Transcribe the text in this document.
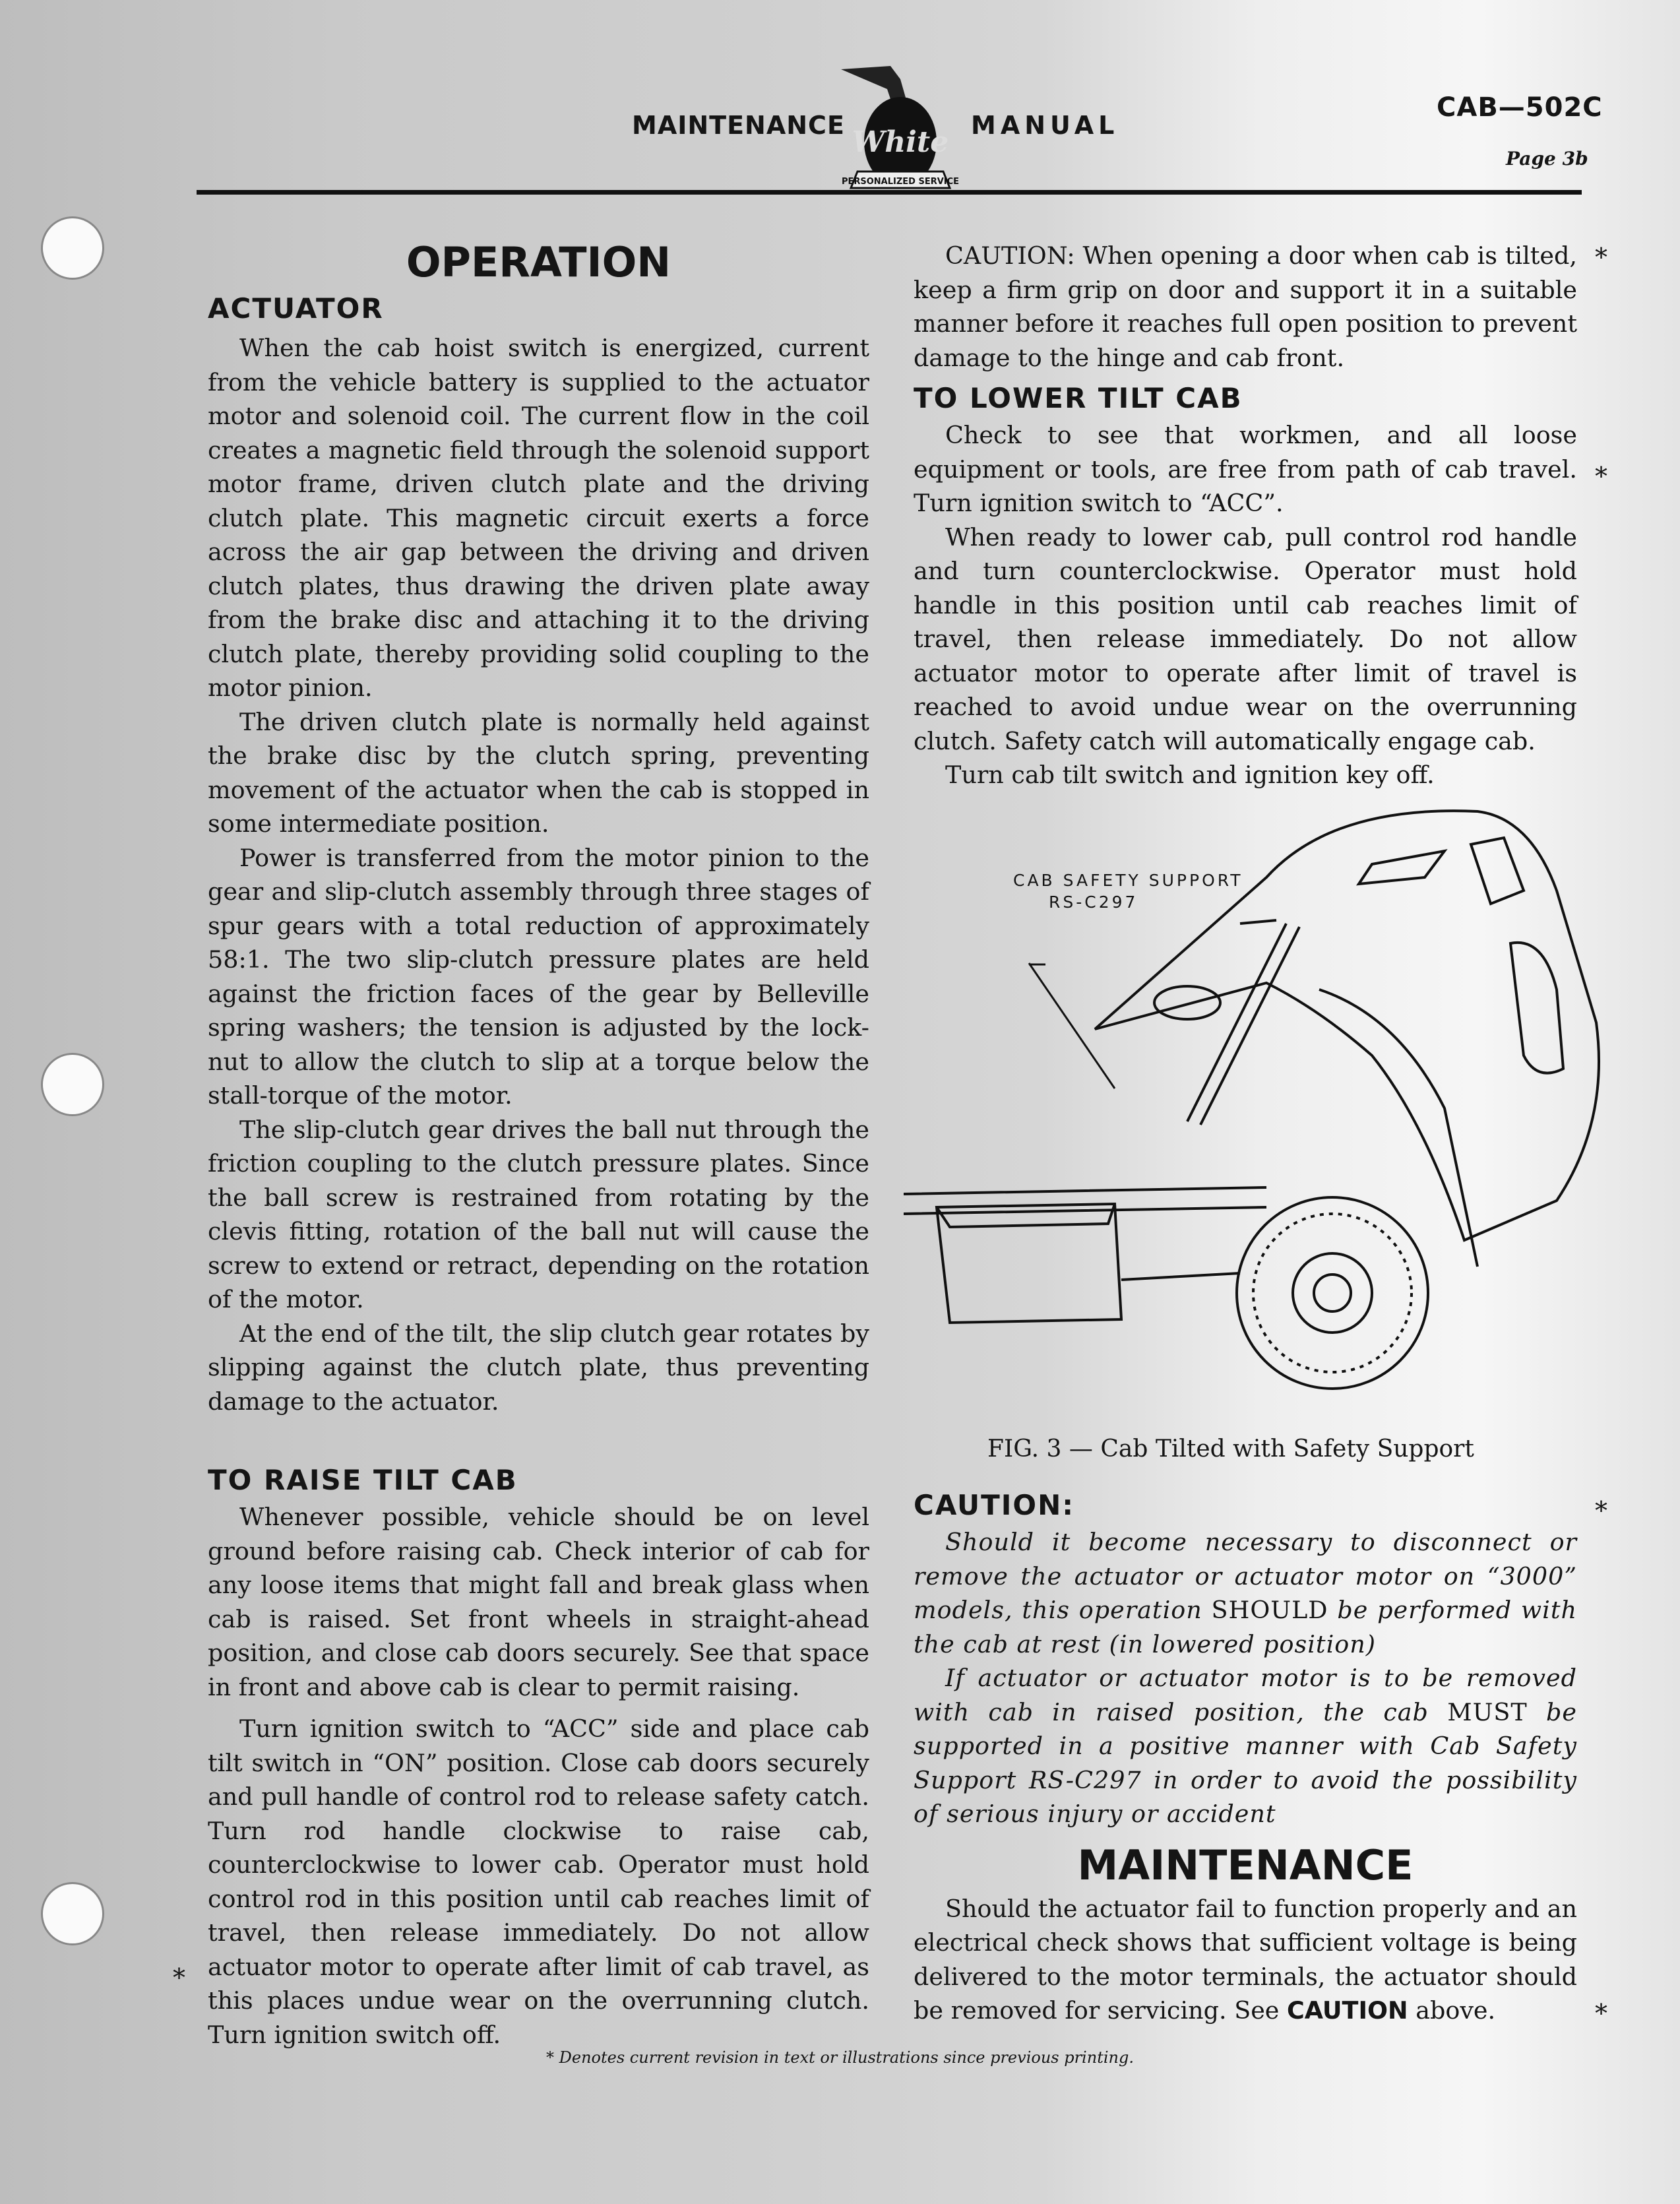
MAINTENANCE White
PERSONALIZED SERVICE
MANUAL
CAB—502C
Page 3b
OPERATION
ACTUATOR

When the cab hoist switch is energized, current from the vehicle battery is supplied to the actuator motor and solenoid coil. The current flow in the coil creates a magnetic field through the solenoid support motor frame, driven clutch plate and the driving clutch plate. This magnetic circuit exerts a force across the air gap between the driving and driven clutch plates, thus drawing the driven plate away from the brake disc and attaching it to the driving clutch plate, thereby providing solid coupling to the motor pinion.

The driven clutch plate is normally held against the brake disc by the clutch spring, preventing movement of the actuator when the cab is stopped in some intermediate position.

Power is transferred from the motor pinion to the gear and slip-clutch assembly through three stages of spur gears with a total reduction of approximately 58:1. The two slip-clutch pressure plates are held against the friction faces of the gear by Belleville spring washers; the tension is adjusted by the lock-nut to allow the clutch to slip at a torque below the stall-torque of the motor.

The slip-clutch gear drives the ball nut through the friction coupling to the clutch pressure plates. Since the ball screw is restrained from rotating by the clevis fitting, rotation of the ball nut will cause the screw to extend or retract, depending on the rotation of the motor.

At the end of the tilt, the slip clutch gear rotates by slipping against the clutch plate, thus preventing damage to the actuator.

TO RAISE TILT CAB

Whenever possible, vehicle should be on level ground before raising cab. Check interior of cab for any loose items that might fall and break glass when cab is raised. Set front wheels in straight-ahead position, and close cab doors securely. See that space in front and above cab is clear to permit raising.

Turn ignition switch to “ACC” side and place cab tilt switch in “ON” position. Close cab doors securely and pull handle of control rod to release safety catch. Turn rod handle clockwise to raise cab, counterclockwise to lower cab. Operator must hold control rod in this position until cab reaches limit of travel, then release immediately. Do not allow actuator motor to operate after limit of cab travel, as this places undue wear on the overrunning clutch. Turn ignition switch off.

CAUTION: When opening a door when cab is tilted, keep a firm grip on door and support it in a suitable manner before it reaches full open position to prevent damage to the hinge and cab front.

TO LOWER TILT CAB

Check to see that workmen, and all loose equipment or tools, are free from path of cab travel. Turn ignition switch to “ACC”.

When ready to lower cab, pull control rod handle and turn counterclockwise. Operator must hold handle in this position until cab reaches limit of travel, then release immediately. Do not allow actuator motor to operate after limit of travel is reached to avoid undue wear on the overrunning clutch. Safety catch will automatically engage cab.

Turn cab tilt switch and ignition key off.

CAB SAFETY SUPPORT
RS-C297
FIG. 3 — Cab Tilted with Safety Support
CAUTION:

Should it become necessary to disconnect or remove the actuator or actuator motor on “3000” models, this operation SHOULD be performed with the cab at rest (in lowered position)

If actuator or actuator motor is to be removed with cab in raised position, the cab MUST be supported in a positive manner with Cab Safety Support RS-C297 in order to avoid the possibility of serious injury or accident

MAINTENANCE

Should the actuator fail to function properly and an electrical check shows that sufficient voltage is being delivered to the motor terminals, the actuator should be removed for servicing. See CAUTION above.

*
*
*
*
*
* Denotes current revision in text or illustrations since previous printing.
